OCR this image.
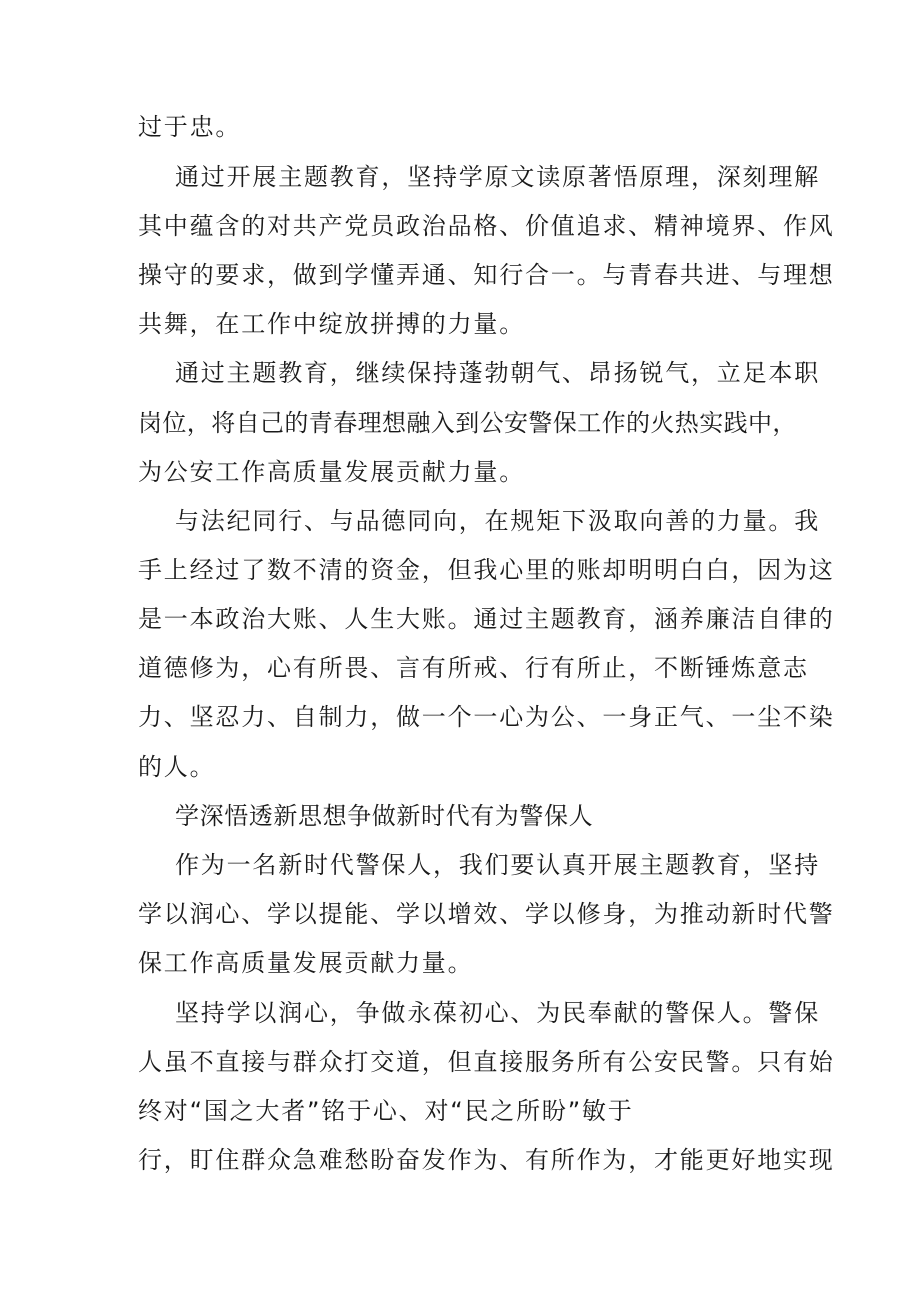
过于忠。
通过开展主题教育，坚持学原文读原著悟原理，深刻理解
其中蕴含的对共产党员政治品格、价值追求、精神境界、作风
操守的要求，做到学懂弄通、知行合一。与青春共进、与理想
共舞，在工作中绽放拼搏的力量。
通过主题教育，继续保持蓬勃朝气、昂扬锐气，立足本职
岗位，将自己的青春理想融入到公安警保工作的火热实践中，
为公安工作高质量发展贡献力量。
与法纪同行、与品德同向，在规矩下汲取向善的力量。我
手上经过了数不清的资金，但我心里的账却明明白白，因为这
是一本政治大账、人生大账。通过主题教育，涵养廉洁自律的
道德修为，心有所畏、言有所戒、行有所止，不断锤炼意志
力、坚忍力、自制力，做一个一心为公、一身正气、一尘不染
的人。
学深悟透新思想争做新时代有为警保人
作为一名新时代警保人，我们要认真开展主题教育，坚持
学以润心、学以提能、学以增效、学以修身，为推动新时代警
保工作高质量发展贡献力量。
坚持学以润心，争做永葆初心、为民奉献的警保人。警保
人虽不直接与群众打交道，但直接服务所有公安民警。只有始
终对“国之大者”铭于心、对“民之所盼”敏于
行，盯住群众急难愁盼奋发作为、有所作为，才能更好地实现
